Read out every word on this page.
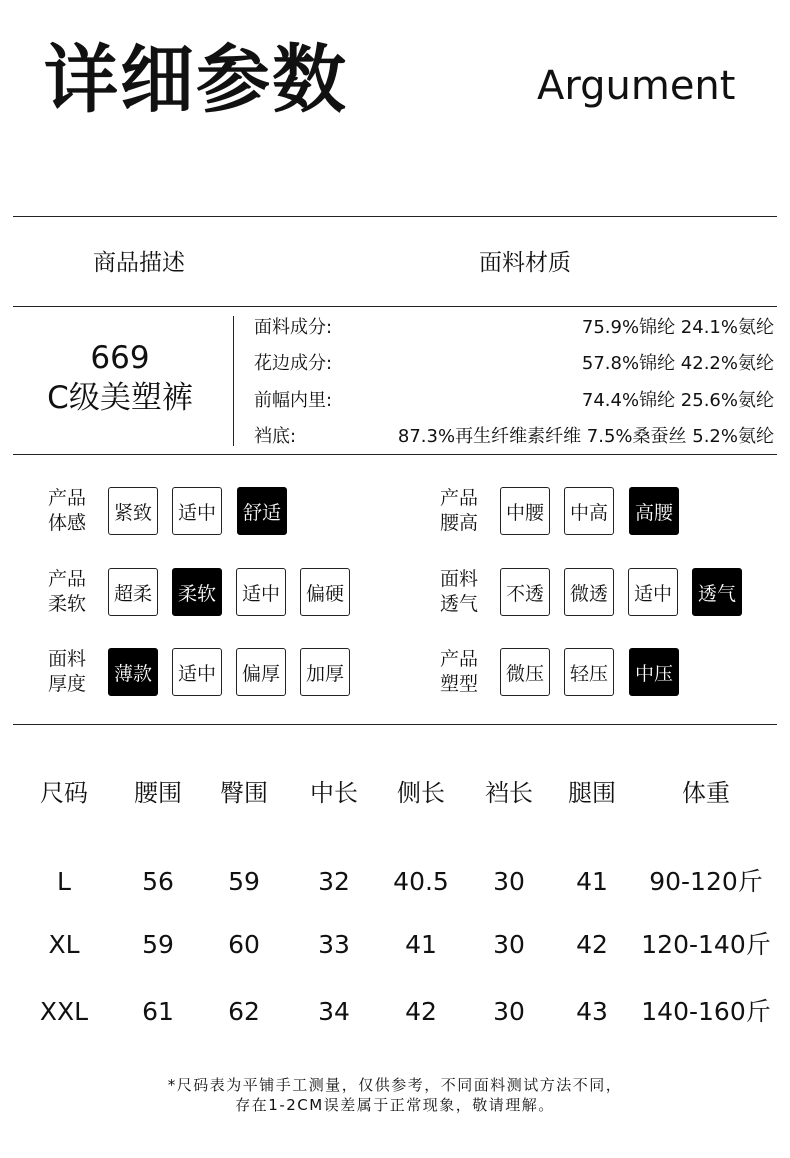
详细参数	Argument
商品描述	面料材质
669
C级美塑裤
面料成分:	75.9%锦纶 24.1%氨纶
花边成分:	57.8%锦纶 42.2%氨纶
前幅内里:	74.4%锦纶 25.6%氨纶
裆底:	87.3%再生纤维素纤维 7.5%桑蚕丝 5.2%氨纶
产品
体感	紧致	适中	舒适
产品
腰高	中腰	中高	高腰
产品
柔软	超柔	柔软	适中	偏硬
面料
透气	不透	微透	适中	透气
面料
厚度	薄款	适中	偏厚	加厚
产品
塑型	微压	轻压	中压
尺码 腰围 臀围 中长 侧长 裆长 腿围	体重
L	56 59 32 40.5 30 41 90-120斤
XL	59 60 33 41 30 42 120-140斤
XXL 61 62 34 42 30 43 140-160斤
*尺码表为平铺手工测量，仅供参考，不同面料测试方法不同，
存在1-2CM误差属于正常现象，敬请理解。
